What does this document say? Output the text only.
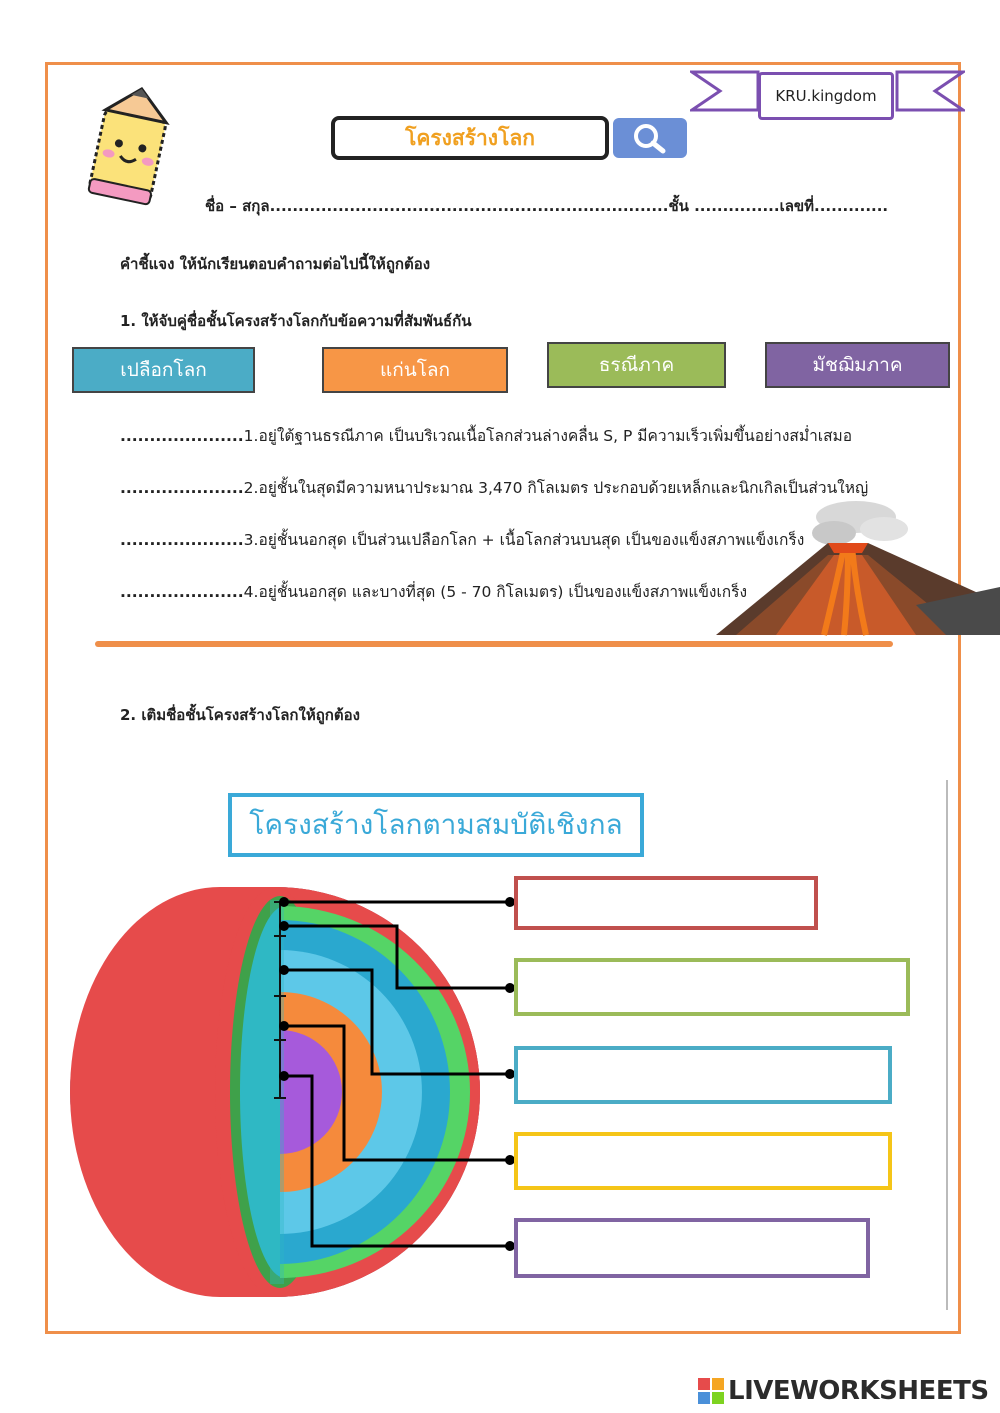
KRU.kingdom
โครงสร้างโลก
ชื่อ – สกุล......................................................................ชั้น ...............เลขที่.............
คำชี้แจง ให้นักเรียนตอบคำถามต่อไปนี้ให้ถูกต้อง
1. ให้จับคู่ชื่อชั้นโครงสร้างโลกกับข้อความที่สัมพันธ์กัน
เปลือกโลก	แก่นโลก	ธรณีภาค	มัชฌิมภาค
.....................1.อยู่ใต้ฐานธรณีภาค เป็นบริเวณเนื้อโลกส่วนล่างคลื่น S, P มีความเร็วเพิ่มขึ้นอย่างสม่ำเสมอ
.....................2.อยู่ชั้นในสุดมีความหนาประมาณ 3,470 กิโลเมตร ประกอบด้วยเหล็กและนิกเกิลเป็นส่วนใหญ่
.....................3.อยู่ชั้นนอกสุด เป็นส่วนเปลือกโลก + เนื้อโลกส่วนบนสุด เป็นของแข็งสภาพแข็งเกร็ง
.....................4.อยู่ชั้นนอกสุด และบางที่สุด (5 - 70 กิโลเมตร) เป็นของแข็งสภาพแข็งเกร็ง
2. เติมชื่อชั้นโครงสร้างโลกให้ถูกต้อง
โครงสร้างโลกตามสมบัติเชิงกล
LIVEWORKSHEETS
